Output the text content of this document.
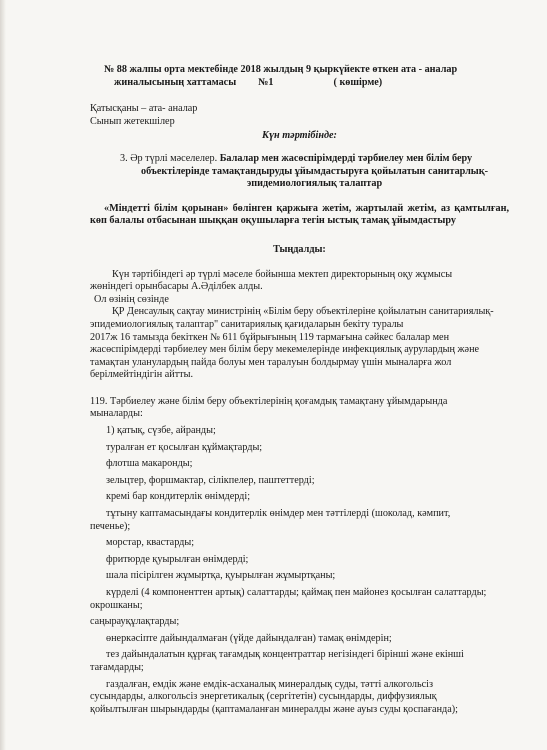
№ 88 жалпы орта мектебінде 2018 жылдың 9 қыркүйекте өткен ата - аналар
жиналысының хаттамасы №1	( көшірме)
Қатысқаны – ата- аналар
Сынып жетекшілер
Күн тәртібінде:
3. Әр түрлі мәселелер. Балалар мен жасөспірімдерді тәрбиелеу мен білім беру
объектілерінде тамақтандыруды ұйымдастыруға қойылатын санитарлық-
эпидемиологиялық талаптар
«Міндетті білім қорынан» бөлінген қаржыға жетім, жартылай жетім, аз қамтылған, көп балалы отбасынан шыққан оқушыларға тегін ыстық тамақ ұйымдастыру
Тыңдалды:
Күн тәртібіндегі әр түрлі мәселе бойынша мектеп директорының оқу жұмысы
жөніндегі орынбасары А.Әділбек алды.
Ол өзінің сөзінде
ҚР Денсаулық сақтау министрінің «Білім беру объектілеріне қойылатын санитариялық-
эпидемиологиялық талаптар" санитариялық қағидаларын бекіту туралы
2017ж 16 тамызда бекіткен № 611 бұйрығының 119 тармағына сәйкес балалар мен
жасөспірімдерді тәрбиелеу мен білім беру мекемелерінде инфекциялық аурулардың және
тамақтан уланулардың пайда болуы мен таралуын болдырмау үшін мыналарға жол
берілмейтіндігін айтты.
119. Тәрбиелеу және білім беру объектілерінің қоғамдық тамақтану ұйымдарында
мыналарды:
1) қатық, сүзбе, айранды;
туралған ет қосылған құймақтарды;
флотша макаронды;
зельцтер, форшмактар, сілікпелер, паштеттерді;
кремі бар кондитерлік өнімдерді;
тұтыну каптамасындағы кондитерлік өнімдер мен тәттілерді (шоколад, кәмпит,
печенье);
морстар, квастарды;
фритюрде қуырылған өнімдерді;
шала пісірілген жұмыртқа, қуырылған жұмыртқаны;
күрделі (4 компоненттен артық) салаттарды; қаймақ пен майонез қосылған салаттарды;
окрошканы;
саңырауқұлақтарды;
өнеркәсіпте дайындалмаған (үйде дайындалған) тамақ өнімдерін;
тез дайындалатын құрғақ тағамдық концентраттар негізіндегі бірінші және екінші
тағамдарды;
газдалған, емдік және емдік-асханалық минералдық суды, тәтті алкогольсіз
сусындарды, алкогольсіз энергетикалық (сергітетін) сусындарды, диффузиялық
қойылтылған шырындарды (қаптамаланған минералды және ауыз суды қоспағанда);
